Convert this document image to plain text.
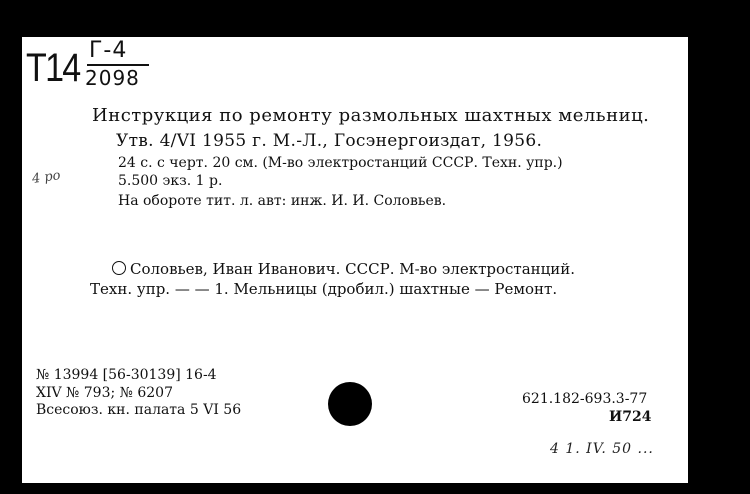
Т14 Г-4
2098
Инструкция по ремонту размольных шахтных мельниц.
Утв. 4/VI 1955 г. М.-Л., Госэнергоиздат, 1956.
24 с. с черт. 20 см. (М-во электростанций СССР. Техн. упр.)
5.500 экз. 1 р.
На обороте тит. л. авт: инж. И. И. Соловьев.
4 ро
Соловьев, Иван Иванович. СССР. М-во электростанций.
Техн. упр. — — 1. Мельницы (дробил.) шахтные — Ремонт.
№ 13994 [56-30139] 16-4
XIV № 793; № 6207
Всесоюз. кн. палата 5 VI 56
621.182-693.3-77
И724
4 1. IV. 50 ...
